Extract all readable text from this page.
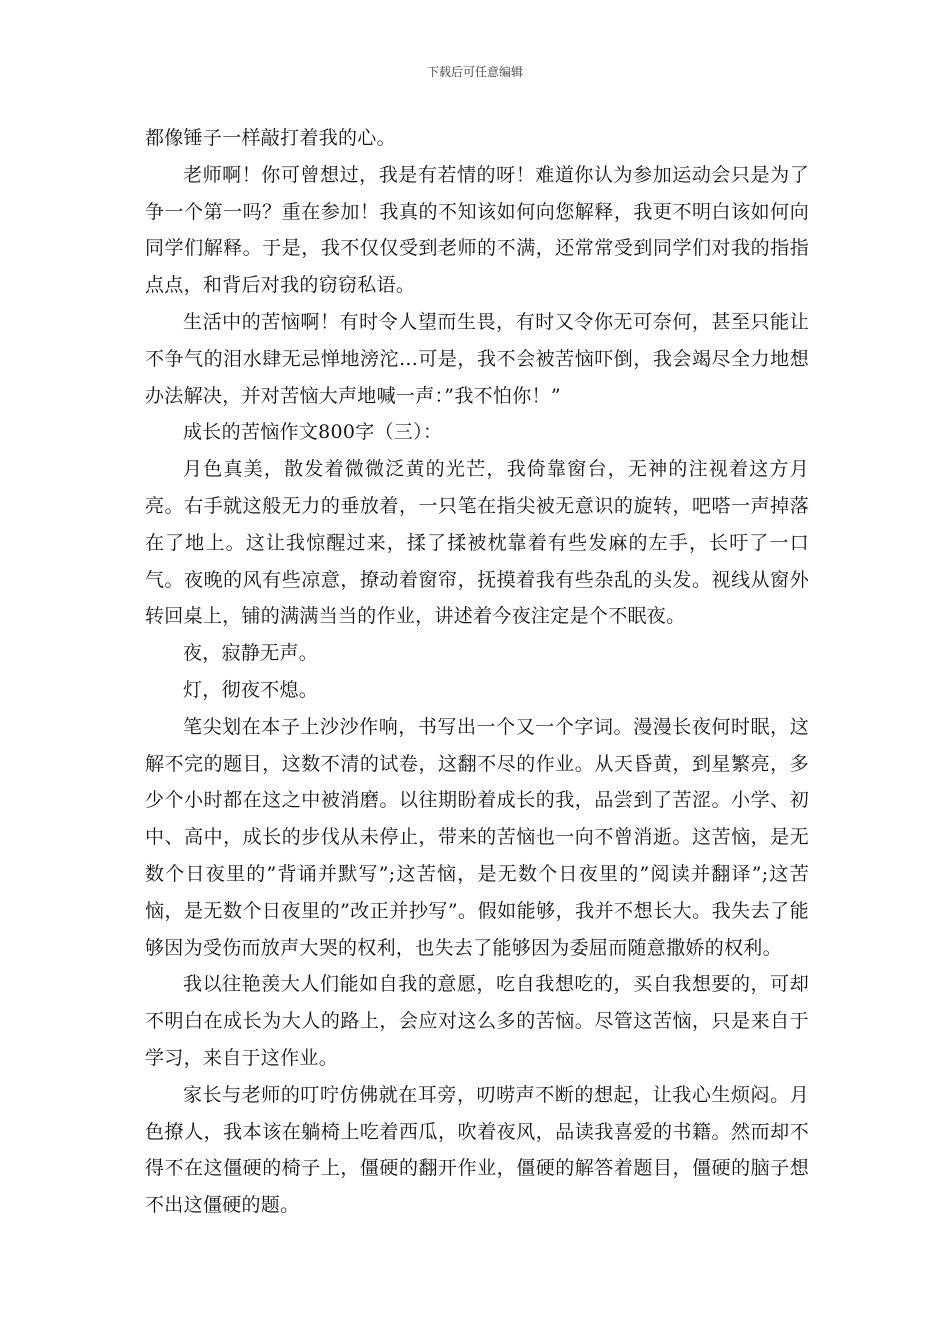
下载后可任意编辑

都像锤子一样敲打着我的心。

老师啊！你可曾想过，我是有若情的呀！难道你认为参加运动会只是为了争一个第一吗？重在参加！我真的不知该如何向您解释，我更不明白该如何向同学们解释。于是，我不仅仅受到老师的不满，还常常受到同学们对我的指指点点，和背后对我的窃窃私语。

生活中的苦恼啊！有时令人望而生畏，有时又令你无可奈何，甚至只能让不争气的泪水肆无忌惮地滂沱...可是，我不会被苦恼吓倒，我会竭尽全力地想办法解决，并对苦恼大声地喊一声：”我不怕你！”

成长的苦恼作文800字（三）：

月色真美，散发着微微泛黄的光芒，我倚靠窗台，无神的注视着这方月亮。右手就这般无力的垂放着，一只笔在指尖被无意识的旋转，吧嗒一声掉落在了地上。这让我惊醒过来，揉了揉被枕靠着有些发麻的左手，长吁了一口气。夜晚的风有些凉意，撩动着窗帘，抚摸着我有些杂乱的头发。视线从窗外转回桌上，铺的满满当当的作业，讲述着今夜注定是个不眠夜。

夜，寂静无声。

灯，彻夜不熄。

笔尖划在本子上沙沙作响，书写出一个又一个字词。漫漫长夜何时眠，这解不完的题目，这数不清的试卷，这翻不尽的作业。从天昏黄，到星繁亮，多少个小时都在这之中被消磨。以往期盼着成长的我，品尝到了苦涩。小学、初中、高中，成长的步伐从未停止，带来的苦恼也一向不曾消逝。这苦恼，是无数个日夜里的”背诵并默写”;这苦恼，是无数个日夜里的”阅读并翻译”;这苦恼，是无数个日夜里的”改正并抄写”。假如能够，我并不想长大。我失去了能够因为受伤而放声大哭的权利，也失去了能够因为委屈而随意撒娇的权利。

我以往艳羡大人们能如自我的意愿，吃自我想吃的，买自我想要的，可却不明白在成长为大人的路上，会应对这么多的苦恼。尽管这苦恼，只是来自于学习，来自于这作业。

家长与老师的叮咛仿佛就在耳旁，叨唠声不断的想起，让我心生烦闷。月色撩人，我本该在躺椅上吃着西瓜，吹着夜风，品读我喜爱的书籍。然而却不得不在这僵硬的椅子上，僵硬的翻开作业，僵硬的解答着题目，僵硬的脑子想不出这僵硬的题。
